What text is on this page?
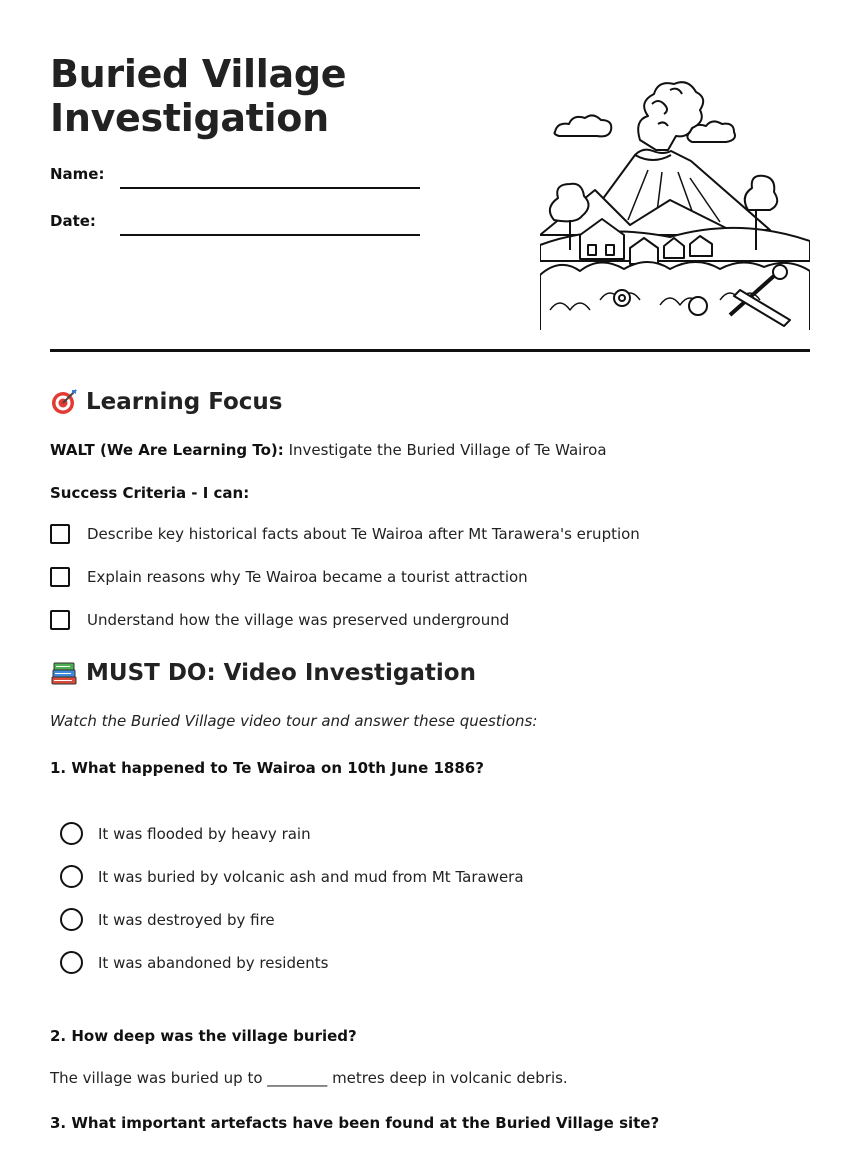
Buried Village
Investigation
Name:
Date:
Learning Focus
WALT (We Are Learning To): Investigate the Buried Village of Te Wairoa
Success Criteria - I can:
Describe key historical facts about Te Wairoa after Mt Tarawera's eruption
Explain reasons why Te Wairoa became a tourist attraction
Understand how the village was preserved underground
MUST DO: Video Investigation
Watch the Buried Village video tour and answer these questions:
1. What happened to Te Wairoa on 10th June 1886?
It was flooded by heavy rain
It was buried by volcanic ash and mud from Mt Tarawera
It was destroyed by fire
It was abandoned by residents
2. How deep was the village buried?
The village was buried up to ________ metres deep in volcanic debris.
3. What important artefacts have been found at the Buried Village site?
